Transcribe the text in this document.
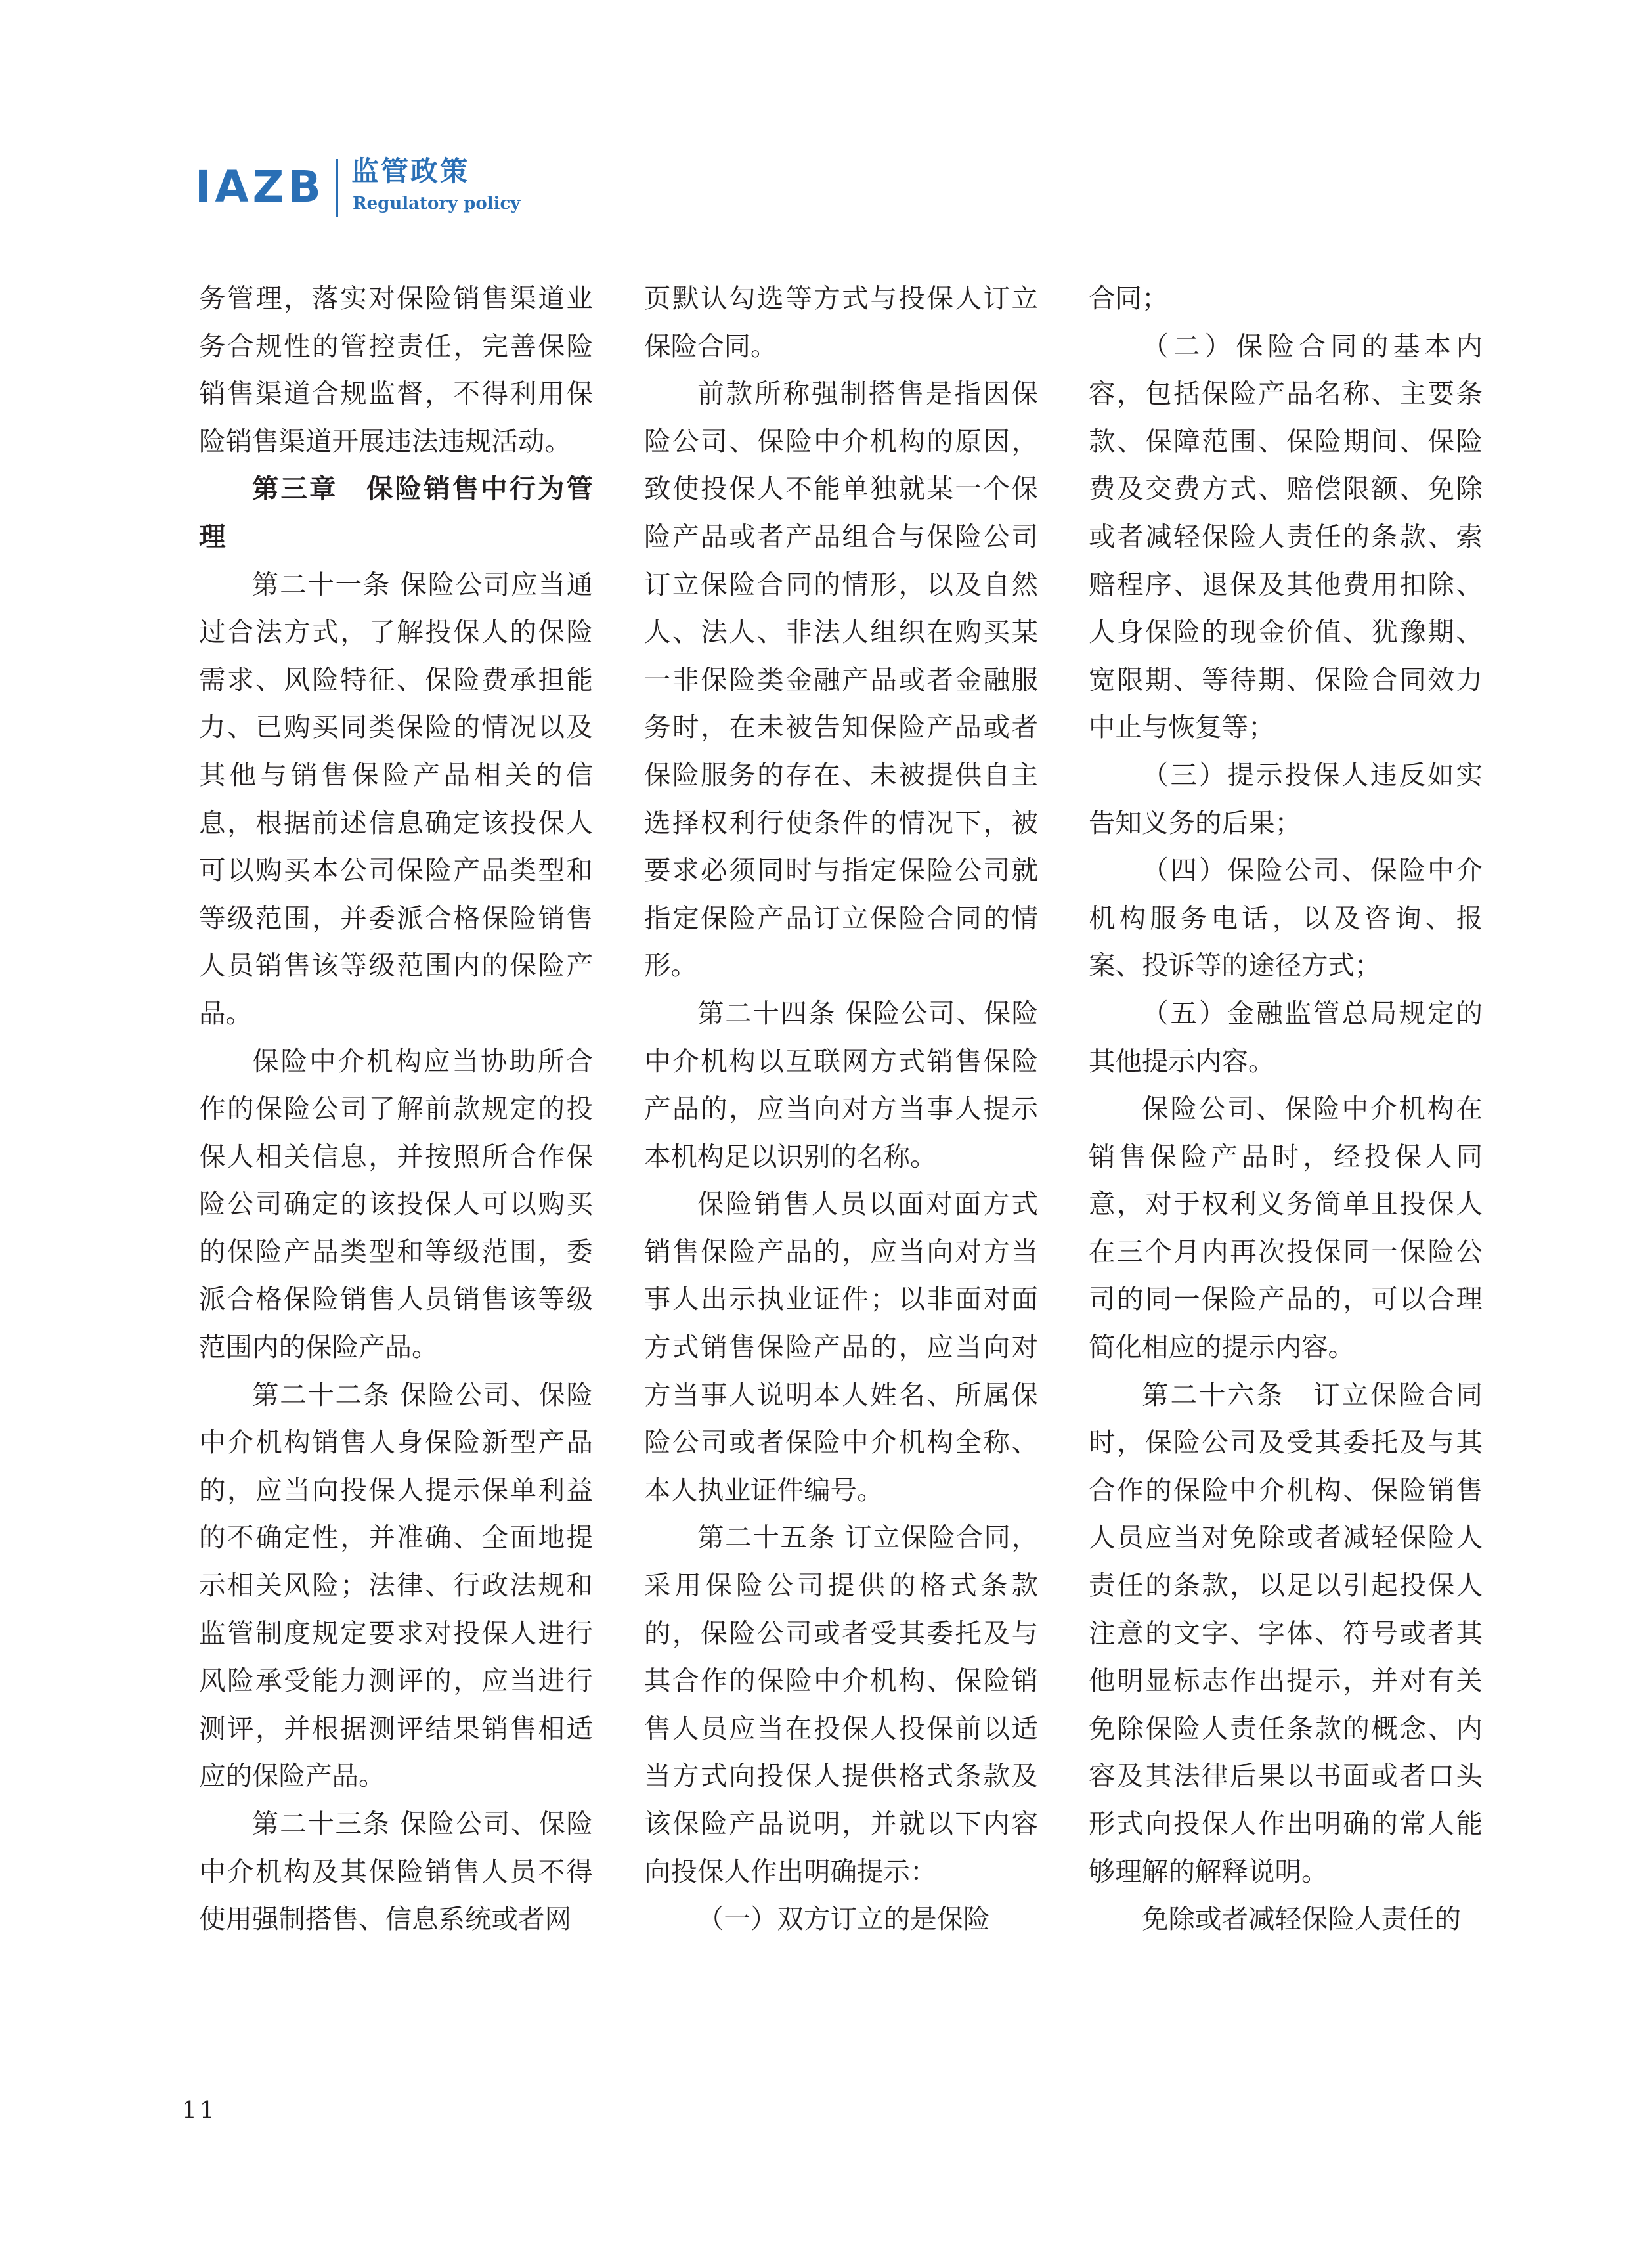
IAZB 监管政策
Regulatory policy

务管理，落实对保险销售渠道业务合规性的管控责任，完善保险销售渠道合规监督，不得利用保险销售渠道开展违法违规活动。

第三章　保险销售中行为管理

第二十一条 保险公司应当通过合法方式，了解投保人的保险需求、风险特征、保险费承担能力、已购买同类保险的情况以及其他与销售保险产品相关的信息，根据前述信息确定该投保人可以购买本公司保险产品类型和等级范围，并委派合格保险销售人员销售该等级范围内的保险产品。

保险中介机构应当协助所合作的保险公司了解前款规定的投保人相关信息，并按照所合作保险公司确定的该投保人可以购买的保险产品类型和等级范围，委派合格保险销售人员销售该等级范围内的保险产品。

第二十二条 保险公司、保险中介机构销售人身保险新型产品的，应当向投保人提示保单利益的不确定性，并准确、全面地提示相关风险；法律、行政法规和监管制度规定要求对投保人进行风险承受能力测评的，应当进行测评，并根据测评结果销售相适应的保险产品。

第二十三条 保险公司、保险中介机构及其保险销售人员不得使用强制搭售、信息系统或者网

页默认勾选等方式与投保人订立保险合同。

前款所称强制搭售是指因保险公司、保险中介机构的原因，致使投保人不能单独就某一个保险产品或者产品组合与保险公司订立保险合同的情形，以及自然人、法人、非法人组织在购买某一非保险类金融产品或者金融服务时，在未被告知保险产品或者保险服务的存在、未被提供自主选择权利行使条件的情况下，被要求必须同时与指定保险公司就指定保险产品订立保险合同的情形。

第二十四条 保险公司、保险中介机构以互联网方式销售保险产品的，应当向对方当事人提示本机构足以识别的名称。

保险销售人员以面对面方式销售保险产品的，应当向对方当事人出示执业证件；以非面对面方式销售保险产品的，应当向对方当事人说明本人姓名、所属保险公司或者保险中介机构全称、本人执业证件编号。

第二十五条 订立保险合同，采用保险公司提供的格式条款的，保险公司或者受其委托及与其合作的保险中介机构、保险销售人员应当在投保人投保前以适当方式向投保人提供格式条款及该保险产品说明，并就以下内容向投保人作出明确提示：

（一）双方订立的是保险

合同；

（二）保险合同的基本内容，包括保险产品名称、主要条款、保障范围、保险期间、保险费及交费方式、赔偿限额、免除或者减轻保险人责任的条款、索赔程序、退保及其他费用扣除、人身保险的现金价值、犹豫期、宽限期、等待期、保险合同效力中止与恢复等；

（三）提示投保人违反如实告知义务的后果；

（四）保险公司、保险中介机构服务电话，以及咨询、报案、投诉等的途径方式；

（五）金融监管总局规定的其他提示内容。

保险公司、保险中介机构在销售保险产品时，经投保人同意，对于权利义务简单且投保人在三个月内再次投保同一保险公司的同一保险产品的，可以合理简化相应的提示内容。

第二十六条　订立保险合同时，保险公司及受其委托及与其合作的保险中介机构、保险销售人员应当对免除或者减轻保险人责任的条款，以足以引起投保人注意的文字、字体、符号或者其他明显标志作出提示，并对有关免除保险人责任条款的概念、内容及其法律后果以书面或者口头形式向投保人作出明确的常人能够理解的解释说明。

免除或者减轻保险人责任的

11
